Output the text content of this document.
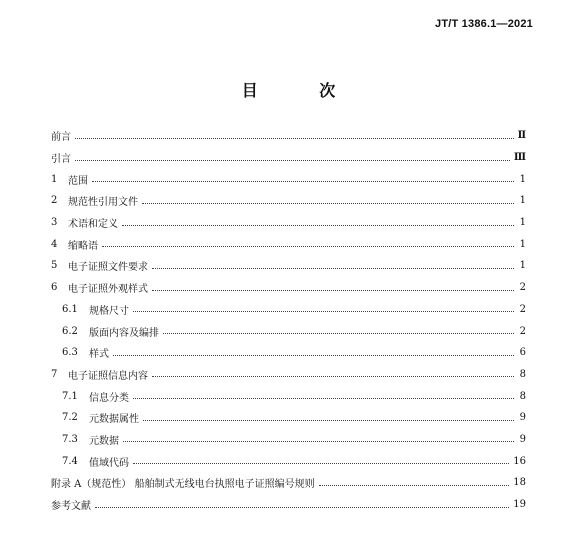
JT/T 1386.1—2021
目 次
前言	Ⅱ
引言	Ⅲ
1	范围	1
2	规范性引用文件	1
3	术语和定义	1
4	缩略语	1
5	电子证照文件要求	1
6	电子证照外观样式	2
6.1	规格尺寸	2
6.2	版面内容及编排	2
6.3	样式	6
7	电子证照信息内容	8
7.1	信息分类	8
7.2	元数据属性	9
7.3	元数据	9
7.4	值域代码	16
附录 A（规范性） 船舶制式无线电台执照电子证照编号规则	18
参考文献	19
